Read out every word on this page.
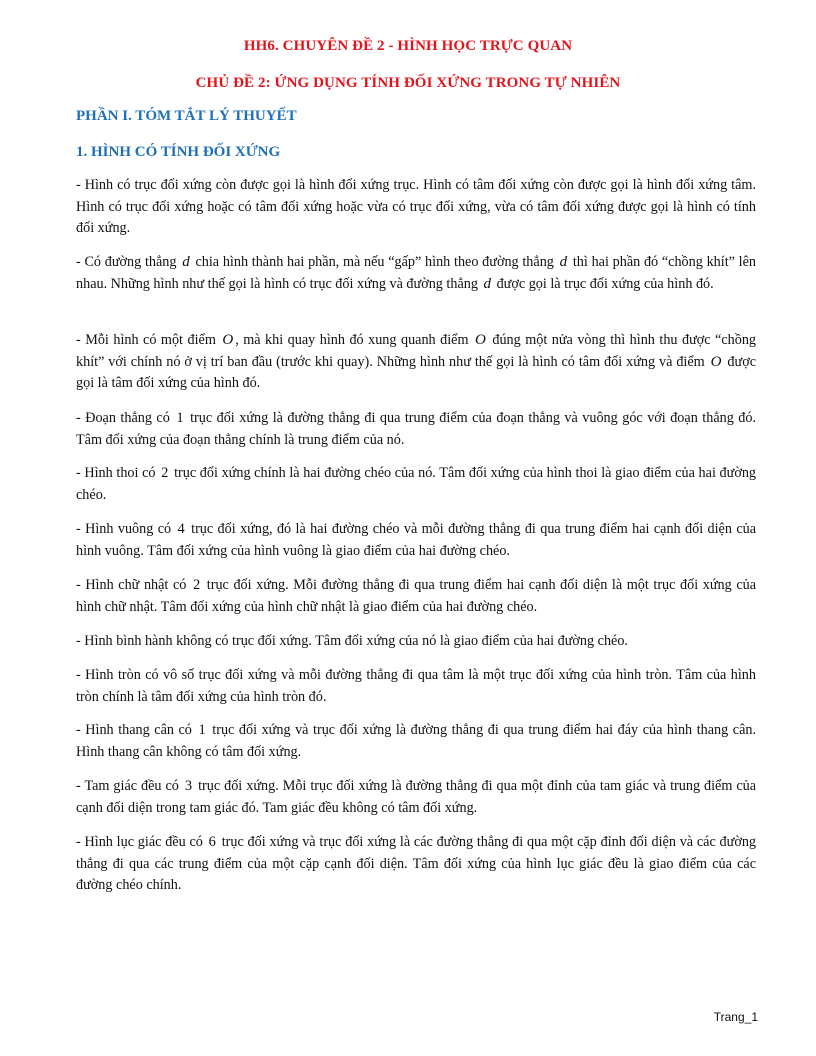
HH6. CHUYÊN ĐỀ 2 - HÌNH HỌC TRỰC QUAN
CHỦ ĐỀ 2: ỨNG DỤNG TÍNH ĐỐI XỨNG TRONG TỰ NHIÊN
PHẦN I. TÓM TẮT LÝ THUYẾT
1. HÌNH CÓ TÍNH ĐỐI XỨNG
- Hình có trục đối xứng còn được gọi là hình đối xứng trục. Hình có tâm đối xứng còn được gọi là hình đối xứng tâm. Hình có trục đối xứng hoặc có tâm đối xứng hoặc vừa có trục đối xứng, vừa có tâm đối xứng được gọi là hình có tính đối xứng.
- Có đường thẳng d chia hình thành hai phần, mà nếu “gấp” hình theo đường thẳng d thì hai phần đó “chồng khít” lên nhau. Những hình như thế gọi là hình có trục đối xứng và đường thẳng d được gọi là trục đối xứng của hình đó.
- Mỗi hình có một điểm O , mà khi quay hình đó xung quanh điểm O đúng một nửa vòng thì hình thu được “chồng khít” với chính nó ở vị trí ban đầu (trước khi quay). Những hình như thế gọi là hình có tâm đối xứng và điểm O được gọi là tâm đối xứng của hình đó.
- Đoạn thẳng có 1 trục đối xứng là đường thẳng đi qua trung điểm của đoạn thẳng và vuông góc với đoạn thẳng đó. Tâm đối xứng của đoạn thẳng chính là trung điểm của nó.
- Hình thoi có 2 trục đối xứng chính là hai đường chéo của nó. Tâm đối xứng của hình thoi là giao điểm của hai đường chéo.
- Hình vuông có 4 trục đối xứng, đó là hai đường chéo và mỗi đường thẳng đi qua trung điểm hai cạnh đối diện của hình vuông. Tâm đối xứng của hình vuông là giao điểm của hai đường chéo.
- Hình chữ nhật có 2 trục đối xứng. Mỗi đường thẳng đi qua trung điểm hai cạnh đối diện là một trục đối xứng của hình chữ nhật. Tâm đối xứng của hình chữ nhật là giao điểm của hai đường chéo.
- Hình bình hành không có trục đối xứng. Tâm đối xứng của nó là giao điểm của hai đường chéo.
- Hình tròn có vô số trục đối xứng và mỗi đường thẳng đi qua tâm là một trục đối xứng của hình tròn. Tâm của hình tròn chính là tâm đối xứng của hình tròn đó.
- Hình thang cân có 1 trục đối xứng và trục đối xứng là đường thẳng đi qua trung điểm hai đáy của hình thang cân. Hình thang cân không có tâm đối xứng.
- Tam giác đều có 3 trục đối xứng. Mỗi trục đối xứng là đường thẳng đi qua một đỉnh của tam giác và trung điểm của cạnh đối diện trong tam giác đó. Tam giác đều không có tâm đối xứng.
- Hình lục giác đều có 6 trục đối xứng và trục đối xứng là các đường thẳng đi qua một cặp đỉnh đối diện và các đường thẳng đi qua các trung điểm của một cặp cạnh đối diện. Tâm đối xứng của hình lục giác đều là giao điểm của các đường chéo chính.
Trang_1
